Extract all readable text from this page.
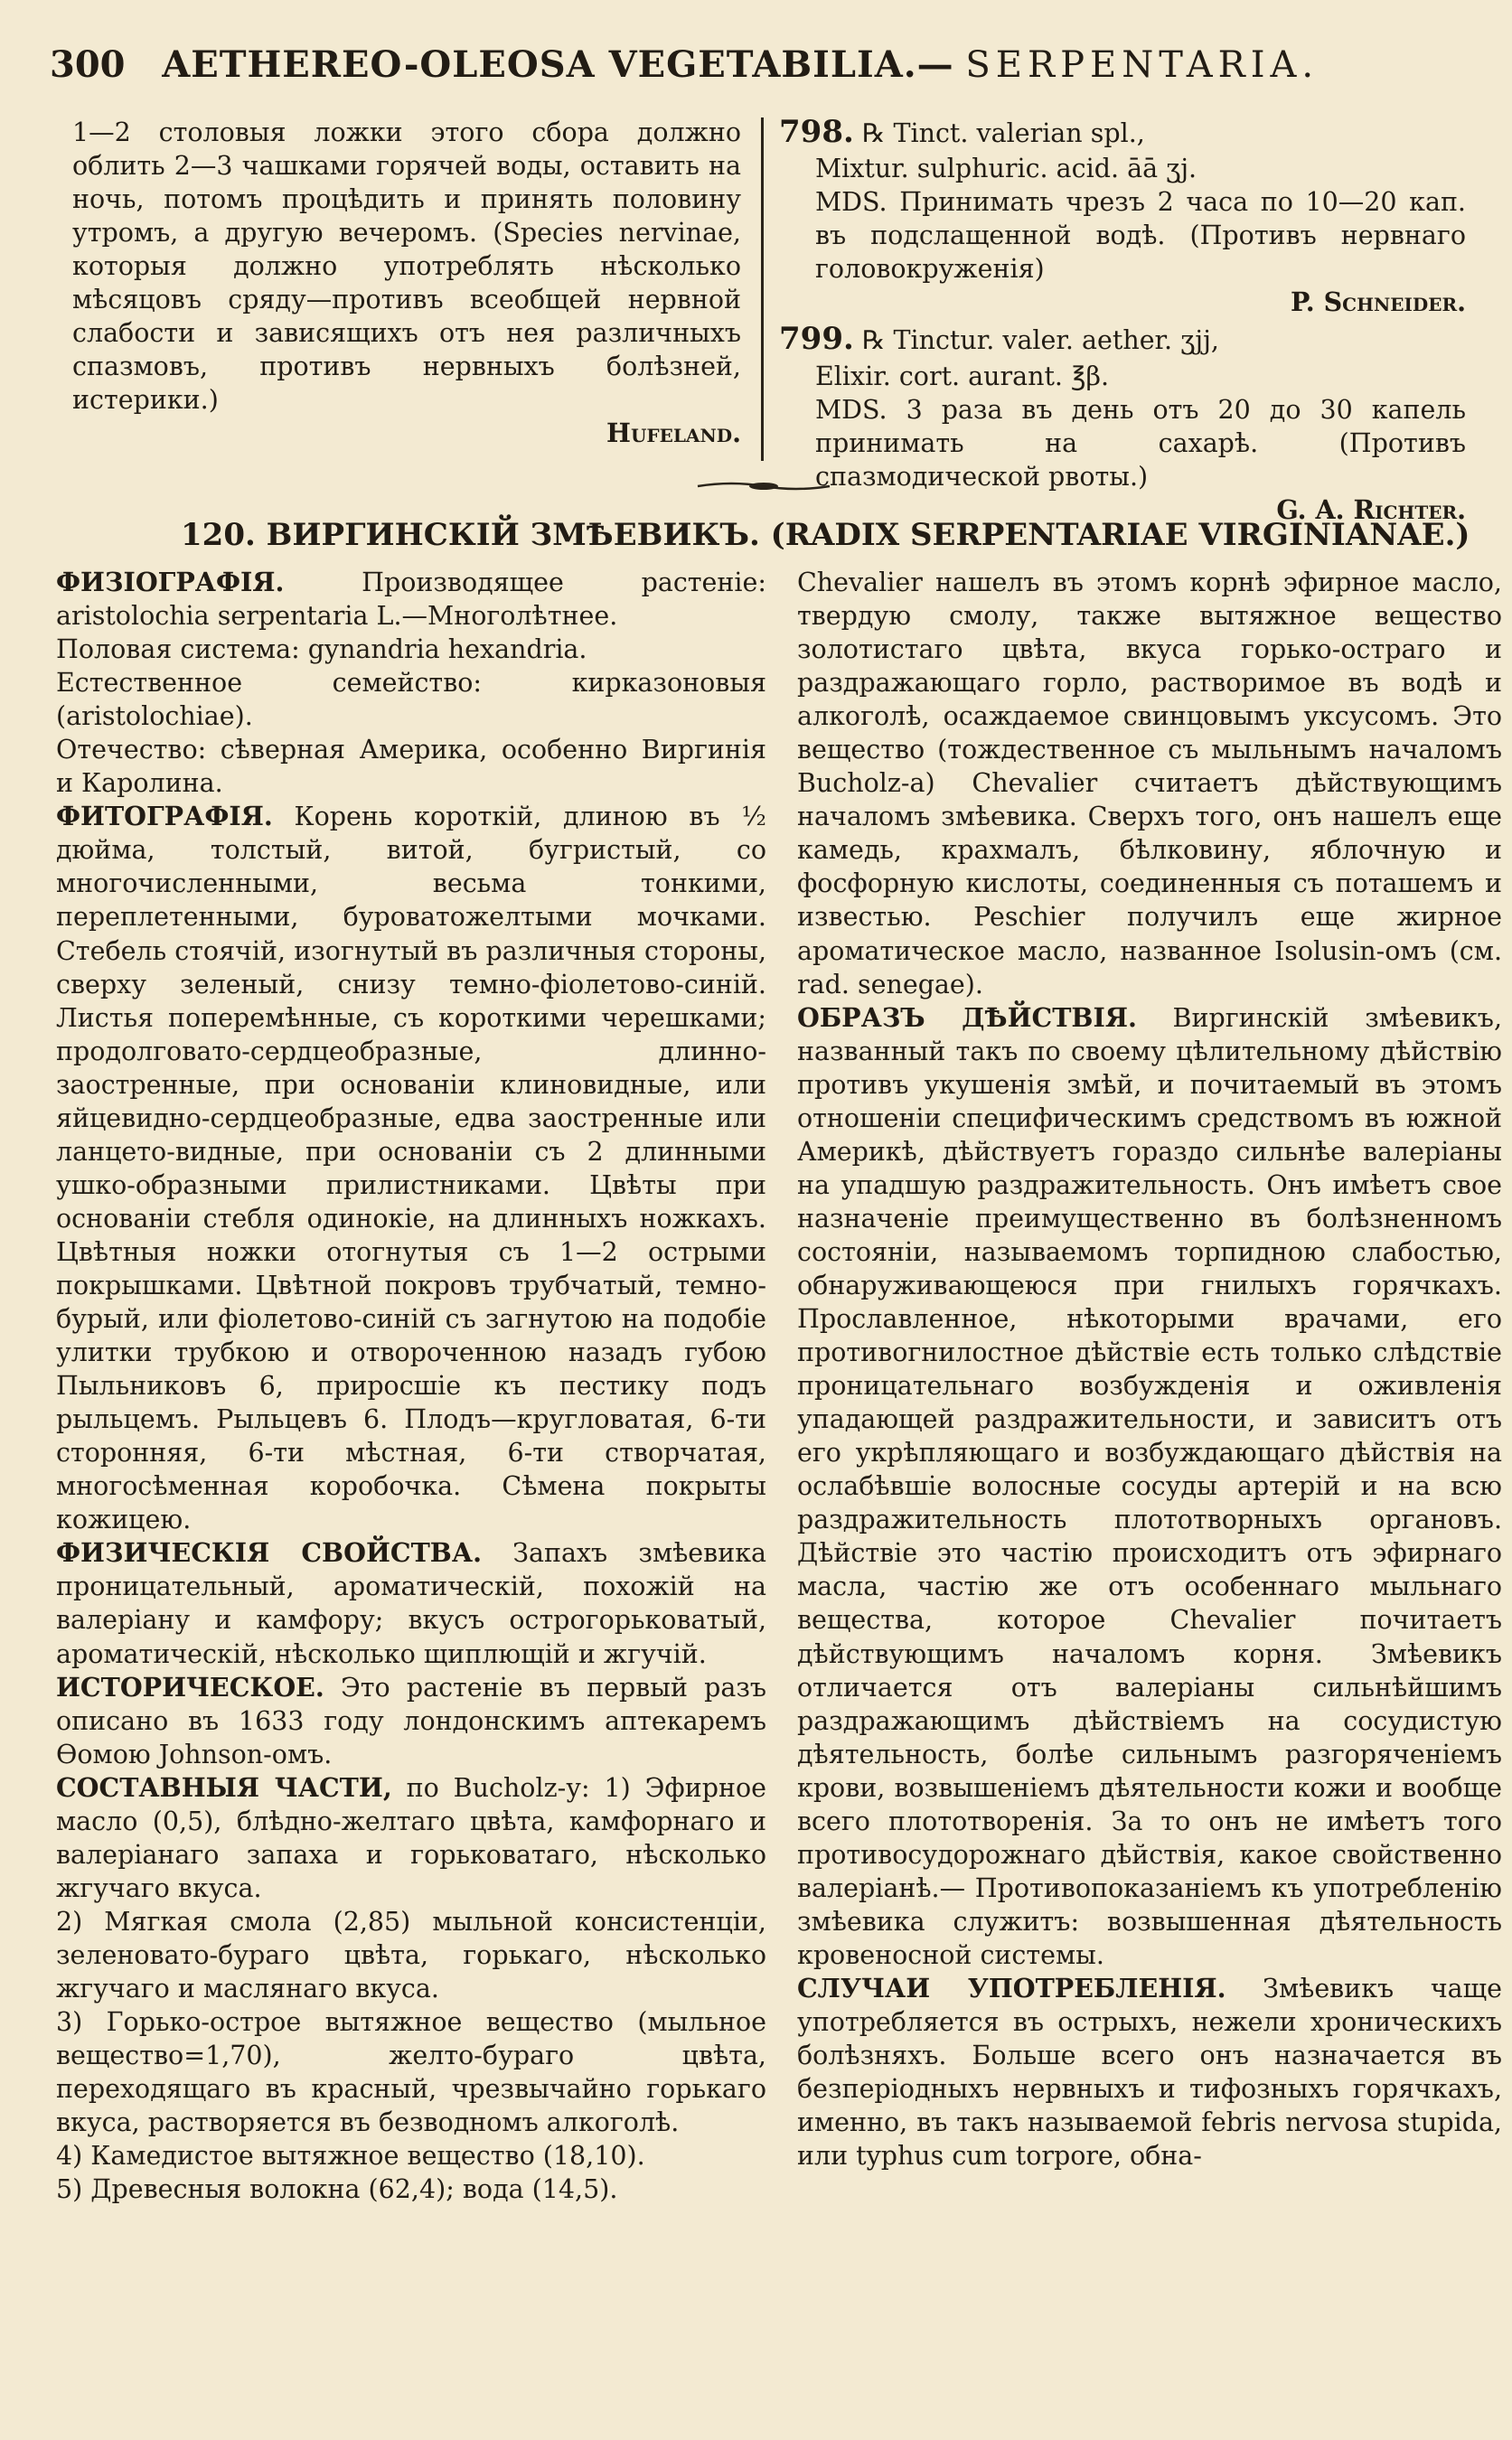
300 AETHEREO-OLEOSA VEGETABILIA.— SERPENTARIA.

1—2 столовыя ложки этого сбора должно облить 2—3 чашками горячей воды, оставить на ночь, потомъ процѣдить и принять половину утромъ, а другую вечеромъ. (Species nervinae, которыя должно употреблять нѣсколько мѣсяцовъ сряду—противъ всеобщей нервной слабости и зависящихъ отъ нея различныхъ спазмовъ, противъ нервныхъ болѣзней, истерики.)

Hufeland.

798. ℞ Tinct. valerian spl.,

Mixtur. sulphuric. acid. āā ʒj.

MDS. Принимать чрезъ 2 часа по 10—20 кап. въ подслащенной водѣ. (Противъ нервнаго головокруженія)

P. Schneider.

799. ℞ Tinctur. valer. aether. ʒjj,

Elixir. cort. aurant. ℥β.

MDS. 3 раза въ день отъ 20 до 30 капель принимать на сахарѣ. (Противъ спазмодической рвоты.)

G. A. Richter.

120. ВИРГИНСКІЙ ЗМѢЕВИКЪ. (RADIX SERPENTARIAE VIRGINIANAE.)

ФИЗІОГРАФІЯ.	Производящее растеніе: aristolochia serpentaria L.—Многолѣтнее.

Половая система: gynandria hexandria.

Естественное семейство: кирказоновыя (aristolochiae).

Отечество: сѣверная Америка, особенно Виргинія и Каролина.

ФИТОГРАФІЯ. Корень короткій, длиною въ ½ дюйма, толстый, витой, бугристый, со многочисленными, весьма тонкими, переплетенными, буроватожелтыми мочками. Стебель стоячій, изогнутый въ различныя стороны, сверху зеленый, снизу темно-фіолетово-синій. Листья поперемѣнные, съ короткими черешками; продолговато-сердцеобразные, длинно-заостренные, при основаніи клиновидные, или яйцевидно-сердцеобразные, едва заостренные или ланцето-видные, при основаніи съ 2 длинными ушко-образными прилистниками. Цвѣты при основаніи стебля одинокіе, на длинныхъ ножкахъ. Цвѣтныя ножки отогнутыя съ 1—2 острыми покрышками. Цвѣтной покровъ трубчатый, темно-бурый, или фіолетово-синій съ загнутою на подобіе улитки трубкою и отвороченною назадъ губою Пыльниковъ 6, приросшіе къ пестику подъ рыльцемъ. Рыльцевъ 6. Плодъ—кругловатая, 6-ти сторонняя, 6-ти мѣстная, 6-ти створчатая, многосѣменная коробочка. Сѣмена покрыты кожицею.

ФИЗИЧЕСКІЯ СВОЙСТВА. Запахъ змѣевика проницательный, ароматическій, похожій на валеріану и камфору; вкусъ острогорьковатый, ароматическій, нѣсколько щиплющій и жгучій.

ИСТОРИЧЕСКОЕ. Это растеніе въ первый разъ описано въ 1633 году лондонскимъ аптекаремъ Ѳомою Johnson-омъ.

СОСТАВНЫЯ ЧАСТИ, по Bucholz-у: 1) Эфирное масло (0,5), блѣдно-желтаго цвѣта, камфорнаго и валеріанаго запаха и горьковатаго, нѣсколько жгучаго вкуса.

2) Мягкая смола (2,85) мыльной консистенціи, зеленовато-бураго цвѣта, горькаго, нѣсколько жгучаго и маслянаго вкуса.

3) Горько-острое вытяжное вещество (мыльное вещество=1,70), желто-бураго цвѣта, переходящаго въ красный, чрезвычайно горькаго вкуса, растворяется въ безводномъ алкоголѣ.

4) Камедистое вытяжное вещество (18,10).

5) Древесныя волокна (62,4); вода (14,5).

Chevalier нашелъ въ этомъ корнѣ эфирное масло, твердую смолу, также вытяжное вещество золотистаго цвѣта, вкуса горько-остраго и раздражающаго горло, растворимое въ водѣ и алкоголѣ, осаждаемое свинцовымъ уксусомъ. Это вещество (тождественное съ мыльнымъ началомъ Bucholz-а) Chevalier считаетъ дѣйствующимъ началомъ змѣевика. Сверхъ того, онъ нашелъ еще камедь, крахмалъ, бѣлковину, яблочную и фосфорную кислоты, соединенныя съ поташемъ и известью. Peschier получилъ еще жирное ароматическое масло, названное Isolusin-омъ (см. rad. senegae).

ОБРАЗЪ ДѢЙСТВІЯ. Виргинскій змѣевикъ, названный такъ по своему цѣлительному дѣйствію противъ укушенія змѣй, и почитаемый въ этомъ отношеніи специфическимъ средствомъ въ южной Америкѣ, дѣйствуетъ гораздо сильнѣе валеріаны на упадшую раздражительность. Онъ имѣетъ свое назначеніе преимущественно въ болѣзненномъ состояніи, называемомъ торпидною слабостью, обнаруживающеюся при гнилыхъ горячкахъ. Прославленное, нѣкоторыми врачами, его противогнилостное дѣйствіе есть только слѣдствіе проницательнаго возбужденія и оживленія упадающей раздражительности, и зависитъ отъ его укрѣпляющаго и возбуждающаго дѣйствія на ослабѣвшіе волосные сосуды артерій и на всю раздражительность плототворныхъ органовъ. Дѣйствіе это частію происходитъ отъ эфирнаго масла, частію же отъ особеннаго мыльнаго вещества, которое Chevalier почитаетъ дѣйствующимъ началомъ корня. Змѣевикъ отличается отъ валеріаны сильнѣйшимъ раздражающимъ дѣйствіемъ на сосудистую дѣятельность, болѣе сильнымъ разгоряченіемъ крови, возвышеніемъ дѣятельности кожи и вообще всего плототворенія. За то онъ не имѣетъ того противосудорожнаго дѣйствія, какое свойственно валеріанѣ.— Противопоказаніемъ къ употребленію змѣевика служитъ: возвышенная дѣятельность кровеносной системы.

СЛУЧАИ УПОТРЕБЛЕНІЯ. Змѣевикъ чаще употребляется въ острыхъ, нежели хроническихъ болѣзняхъ. Больше всего онъ назначается въ безперіодныхъ нервныхъ и тифозныхъ горячкахъ, именно, въ такъ называемой febris nervosa stupida, или typhus cum torpore, обна-
